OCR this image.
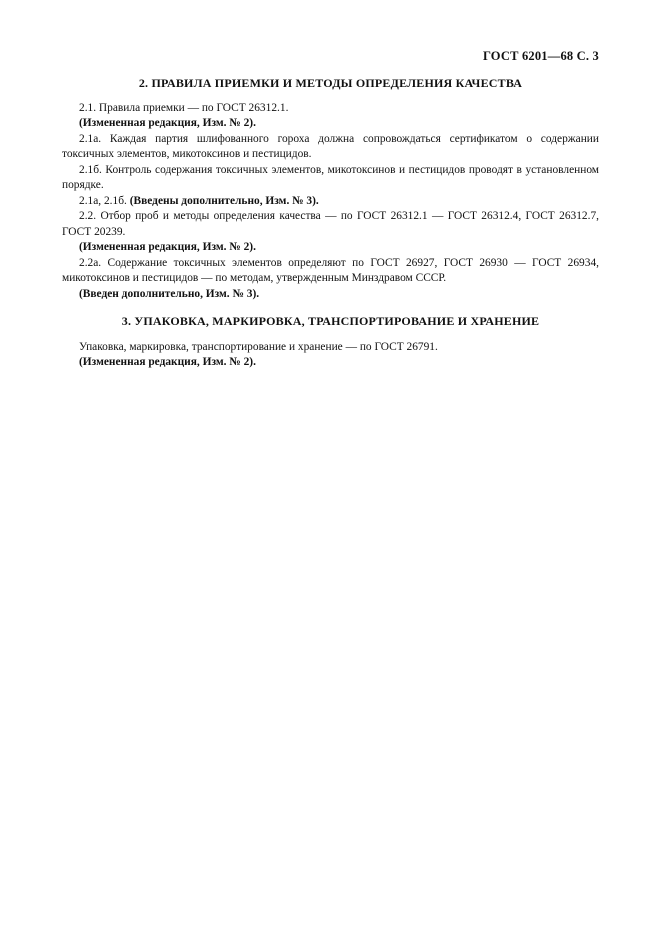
ГОСТ 6201—68 С. 3
2. ПРАВИЛА ПРИЕМКИ И МЕТОДЫ ОПРЕДЕЛЕНИЯ КАЧЕСТВА

2.1. Правила приемки — по ГОСТ 26312.1.

(Измененная редакция, Изм. № 2).

2.1а. Каждая партия шлифованного гороха должна сопровождаться сертификатом о содержании токсичных элементов, микотоксинов и пестицидов.

2.1б. Контроль содержания токсичных элементов, микотоксинов и пестицидов проводят в установленном порядке.

2.1а, 2.1б. (Введены дополнительно, Изм. № 3).

2.2. Отбор проб и методы определения качества — по ГОСТ 26312.1 — ГОСТ 26312.4, ГОСТ 26312.7, ГОСТ 20239.

(Измененная редакция, Изм. № 2).

2.2а. Содержание токсичных элементов определяют по ГОСТ 26927, ГОСТ 26930 — ГОСТ 26934, микотоксинов и пестицидов — по методам, утвержденным Минздравом СССР.

(Введен дополнительно, Изм. № 3).

3. УПАКОВКА, МАРКИРОВКА, ТРАНСПОРТИРОВАНИЕ И ХРАНЕНИЕ

Упаковка, маркировка, транспортирование и хранение — по ГОСТ 26791.

(Измененная редакция, Изм. № 2).
